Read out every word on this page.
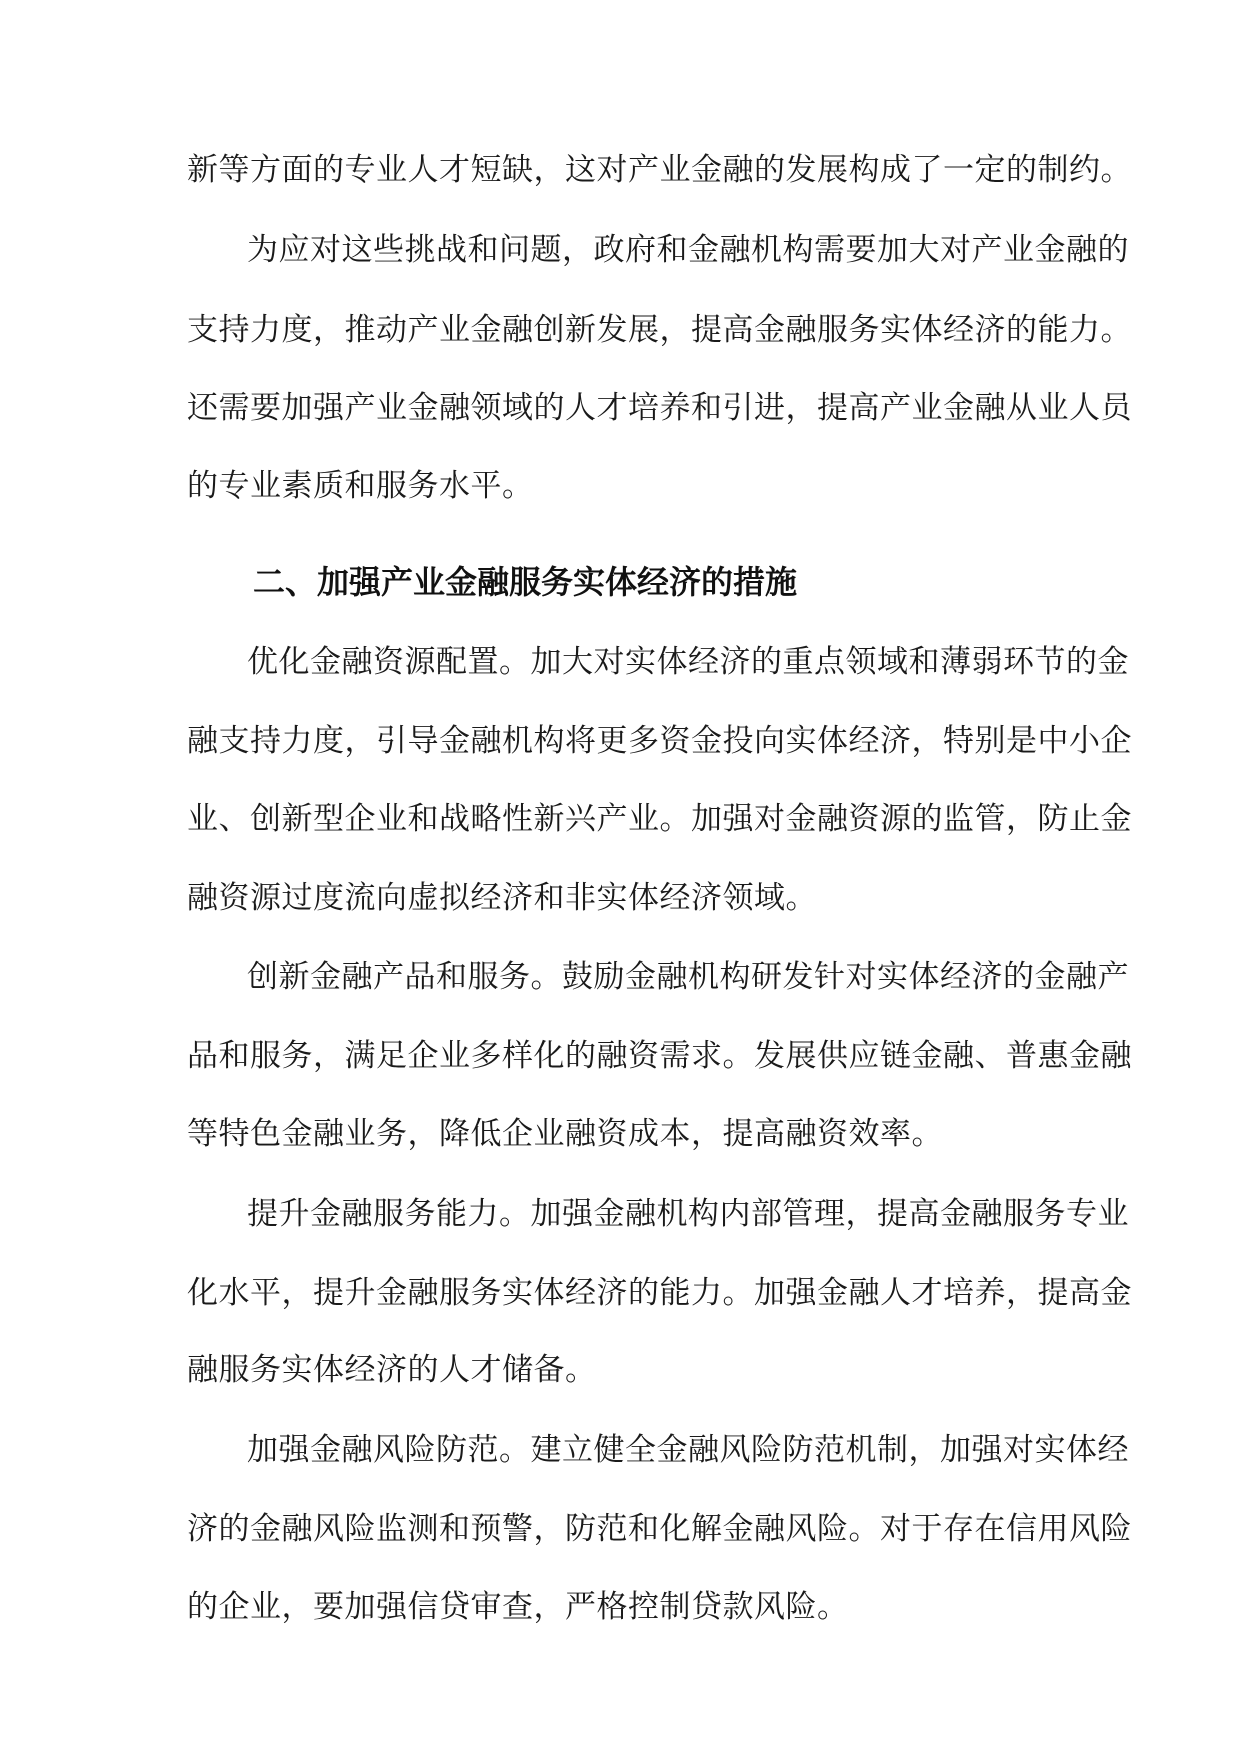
新等方面的专业人才短缺，这对产业金融的发展构成了一定的制约。
为应对这些挑战和问题，政府和金融机构需要加大对产业金融的
支持力度，推动产业金融创新发展，提高金融服务实体经济的能力。
还需要加强产业金融领域的人才培养和引进，提高产业金融从业人员
的专业素质和服务水平。
二、加强产业金融服务实体经济的措施
优化金融资源配置。加大对实体经济的重点领域和薄弱环节的金
融支持力度，引导金融机构将更多资金投向实体经济，特别是中小企
业、创新型企业和战略性新兴产业。加强对金融资源的监管，防止金
融资源过度流向虚拟经济和非实体经济领域。
创新金融产品和服务。鼓励金融机构研发针对实体经济的金融产
品和服务，满足企业多样化的融资需求。发展供应链金融、普惠金融
等特色金融业务，降低企业融资成本，提高融资效率。
提升金融服务能力。加强金融机构内部管理，提高金融服务专业
化水平，提升金融服务实体经济的能力。加强金融人才培养，提高金
融服务实体经济的人才储备。
加强金融风险防范。建立健全金融风险防范机制，加强对实体经
济的金融风险监测和预警，防范和化解金融风险。对于存在信用风险
的企业，要加强信贷审查，严格控制贷款风险。
